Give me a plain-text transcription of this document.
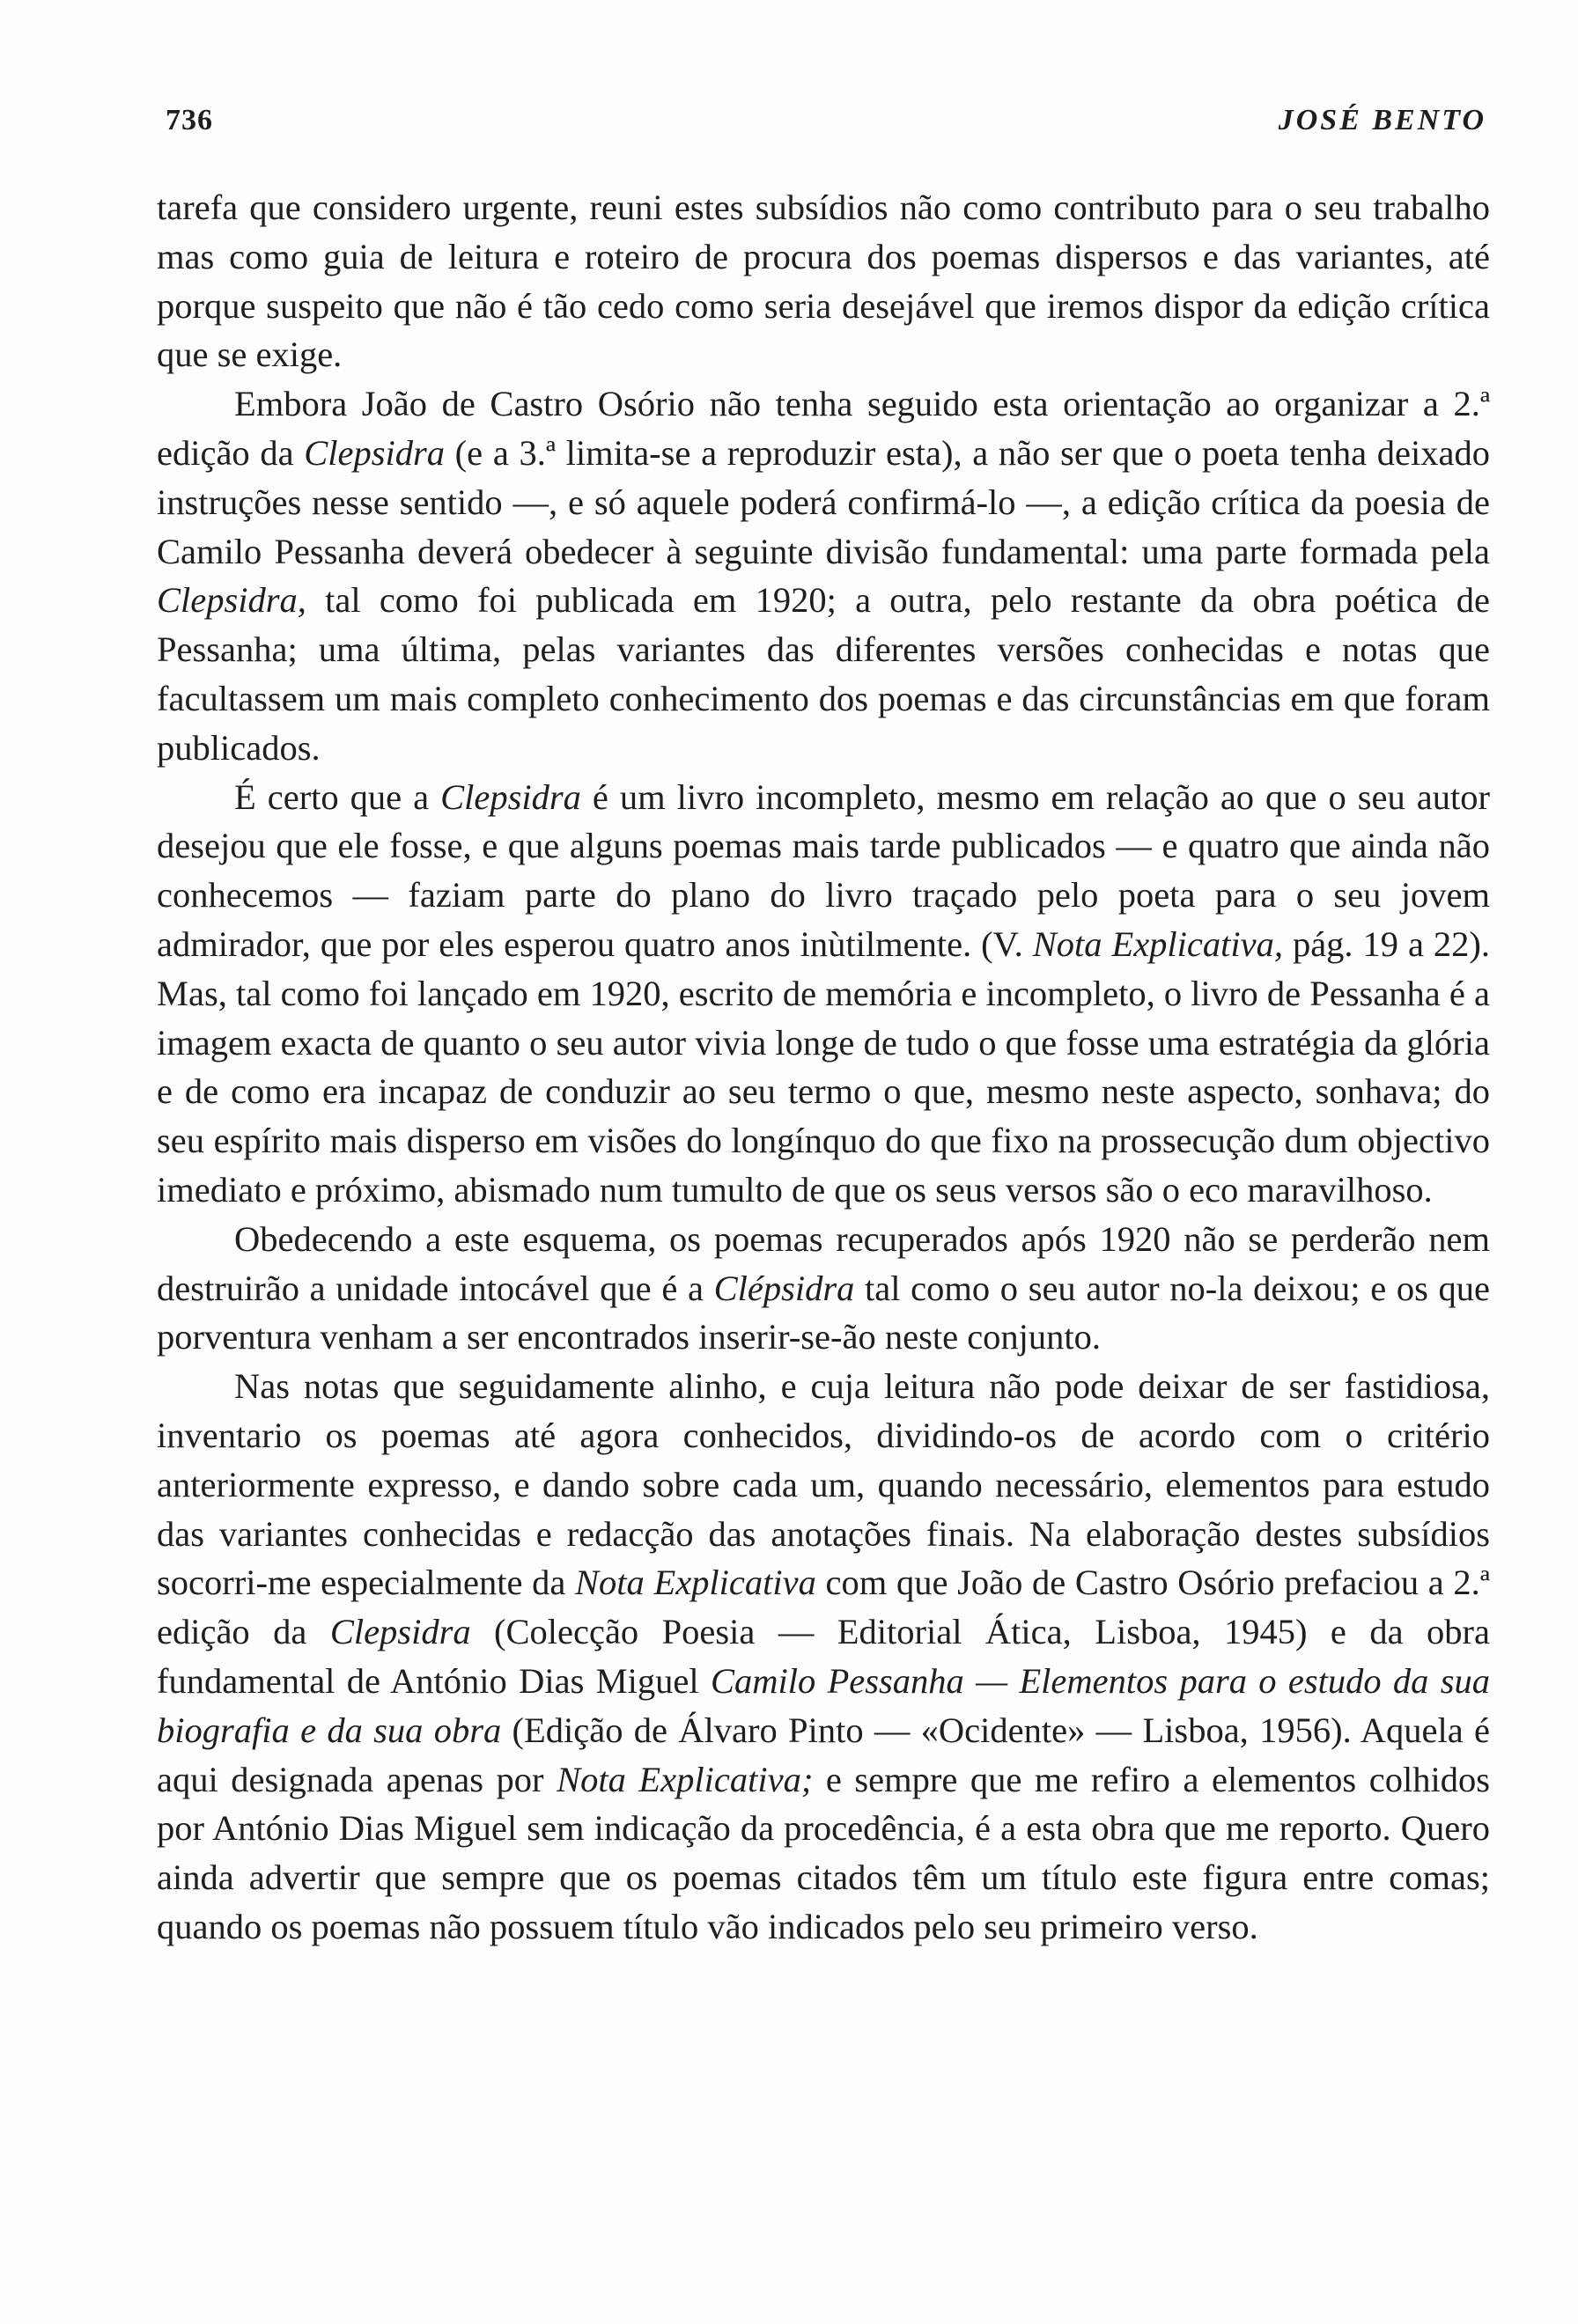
736	JOSÉ BENTO

tarefa que considero urgente, reuni estes subsídios não como contributo para o seu trabalho mas como guia de leitura e roteiro de procura dos poemas dispersos e das variantes, até porque suspeito que não é tão cedo como seria desejável que iremos dispor da edição crítica que se exige.

Embora João de Castro Osório não tenha seguido esta orientação ao organizar a 2.ª edição da Clepsidra (e a 3.ª limita-se a reproduzir esta), a não ser que o poeta tenha deixado instruções nesse sentido —, e só aquele poderá confirmá-lo —, a edição crítica da poesia de Camilo Pessanha deverá obedecer à seguinte divisão fundamental: uma parte formada pela Clepsidra, tal como foi publicada em 1920; a outra, pelo restante da obra poética de Pessanha; uma última, pelas variantes das diferentes versões conhecidas e notas que facultassem um mais completo conhecimento dos poemas e das circunstâncias em que foram publicados.

É certo que a Clepsidra é um livro incompleto, mesmo em relação ao que o seu autor desejou que ele fosse, e que alguns poemas mais tarde publicados — e quatro que ainda não conhecemos — faziam parte do plano do livro traçado pelo poeta para o seu jovem admirador, que por eles esperou quatro anos inùtilmente. (V. Nota Explicativa, pág. 19 a 22). Mas, tal como foi lançado em 1920, escrito de memória e incompleto, o livro de Pessanha é a imagem exacta de quanto o seu autor vivia longe de tudo o que fosse uma estratégia da glória e de como era incapaz de conduzir ao seu termo o que, mesmo neste aspecto, sonhava; do seu espírito mais disperso em visões do longínquo do que fixo na prossecução dum objectivo imediato e próximo, abismado num tumulto de que os seus versos são o eco maravilhoso.

Obedecendo a este esquema, os poemas recuperados após 1920 não se perderão nem destruirão a unidade intocável que é a Clépsidra tal como o seu autor no-la deixou; e os que porventura venham a ser encontrados inserir-se-ão neste conjunto.

Nas notas que seguidamente alinho, e cuja leitura não pode deixar de ser fastidiosa, inventario os poemas até agora conhecidos, dividindo-os de acordo com o critério anteriormente expresso, e dando sobre cada um, quando necessário, elementos para estudo das variantes conhecidas e redacção das anotações finais. Na elaboração destes subsídios socorri-me especialmente da Nota Explicativa com que João de Castro Osório prefaciou a 2.ª edição da Clepsidra (Colecção Poesia — Editorial Ática, Lisboa, 1945) e da obra fundamental de António Dias Miguel Camilo Pessanha — Elementos para o estudo da sua biografia e da sua obra (Edição de Álvaro Pinto — «Ocidente» — Lisboa, 1956). Aquela é aqui designada apenas por Nota Explicativa; e sempre que me refiro a elementos colhidos por António Dias Miguel sem indicação da procedência, é a esta obra que me reporto. Quero ainda advertir que sempre que os poemas citados têm um título este figura entre comas; quando os poemas não possuem título vão indicados pelo seu primeiro verso.
